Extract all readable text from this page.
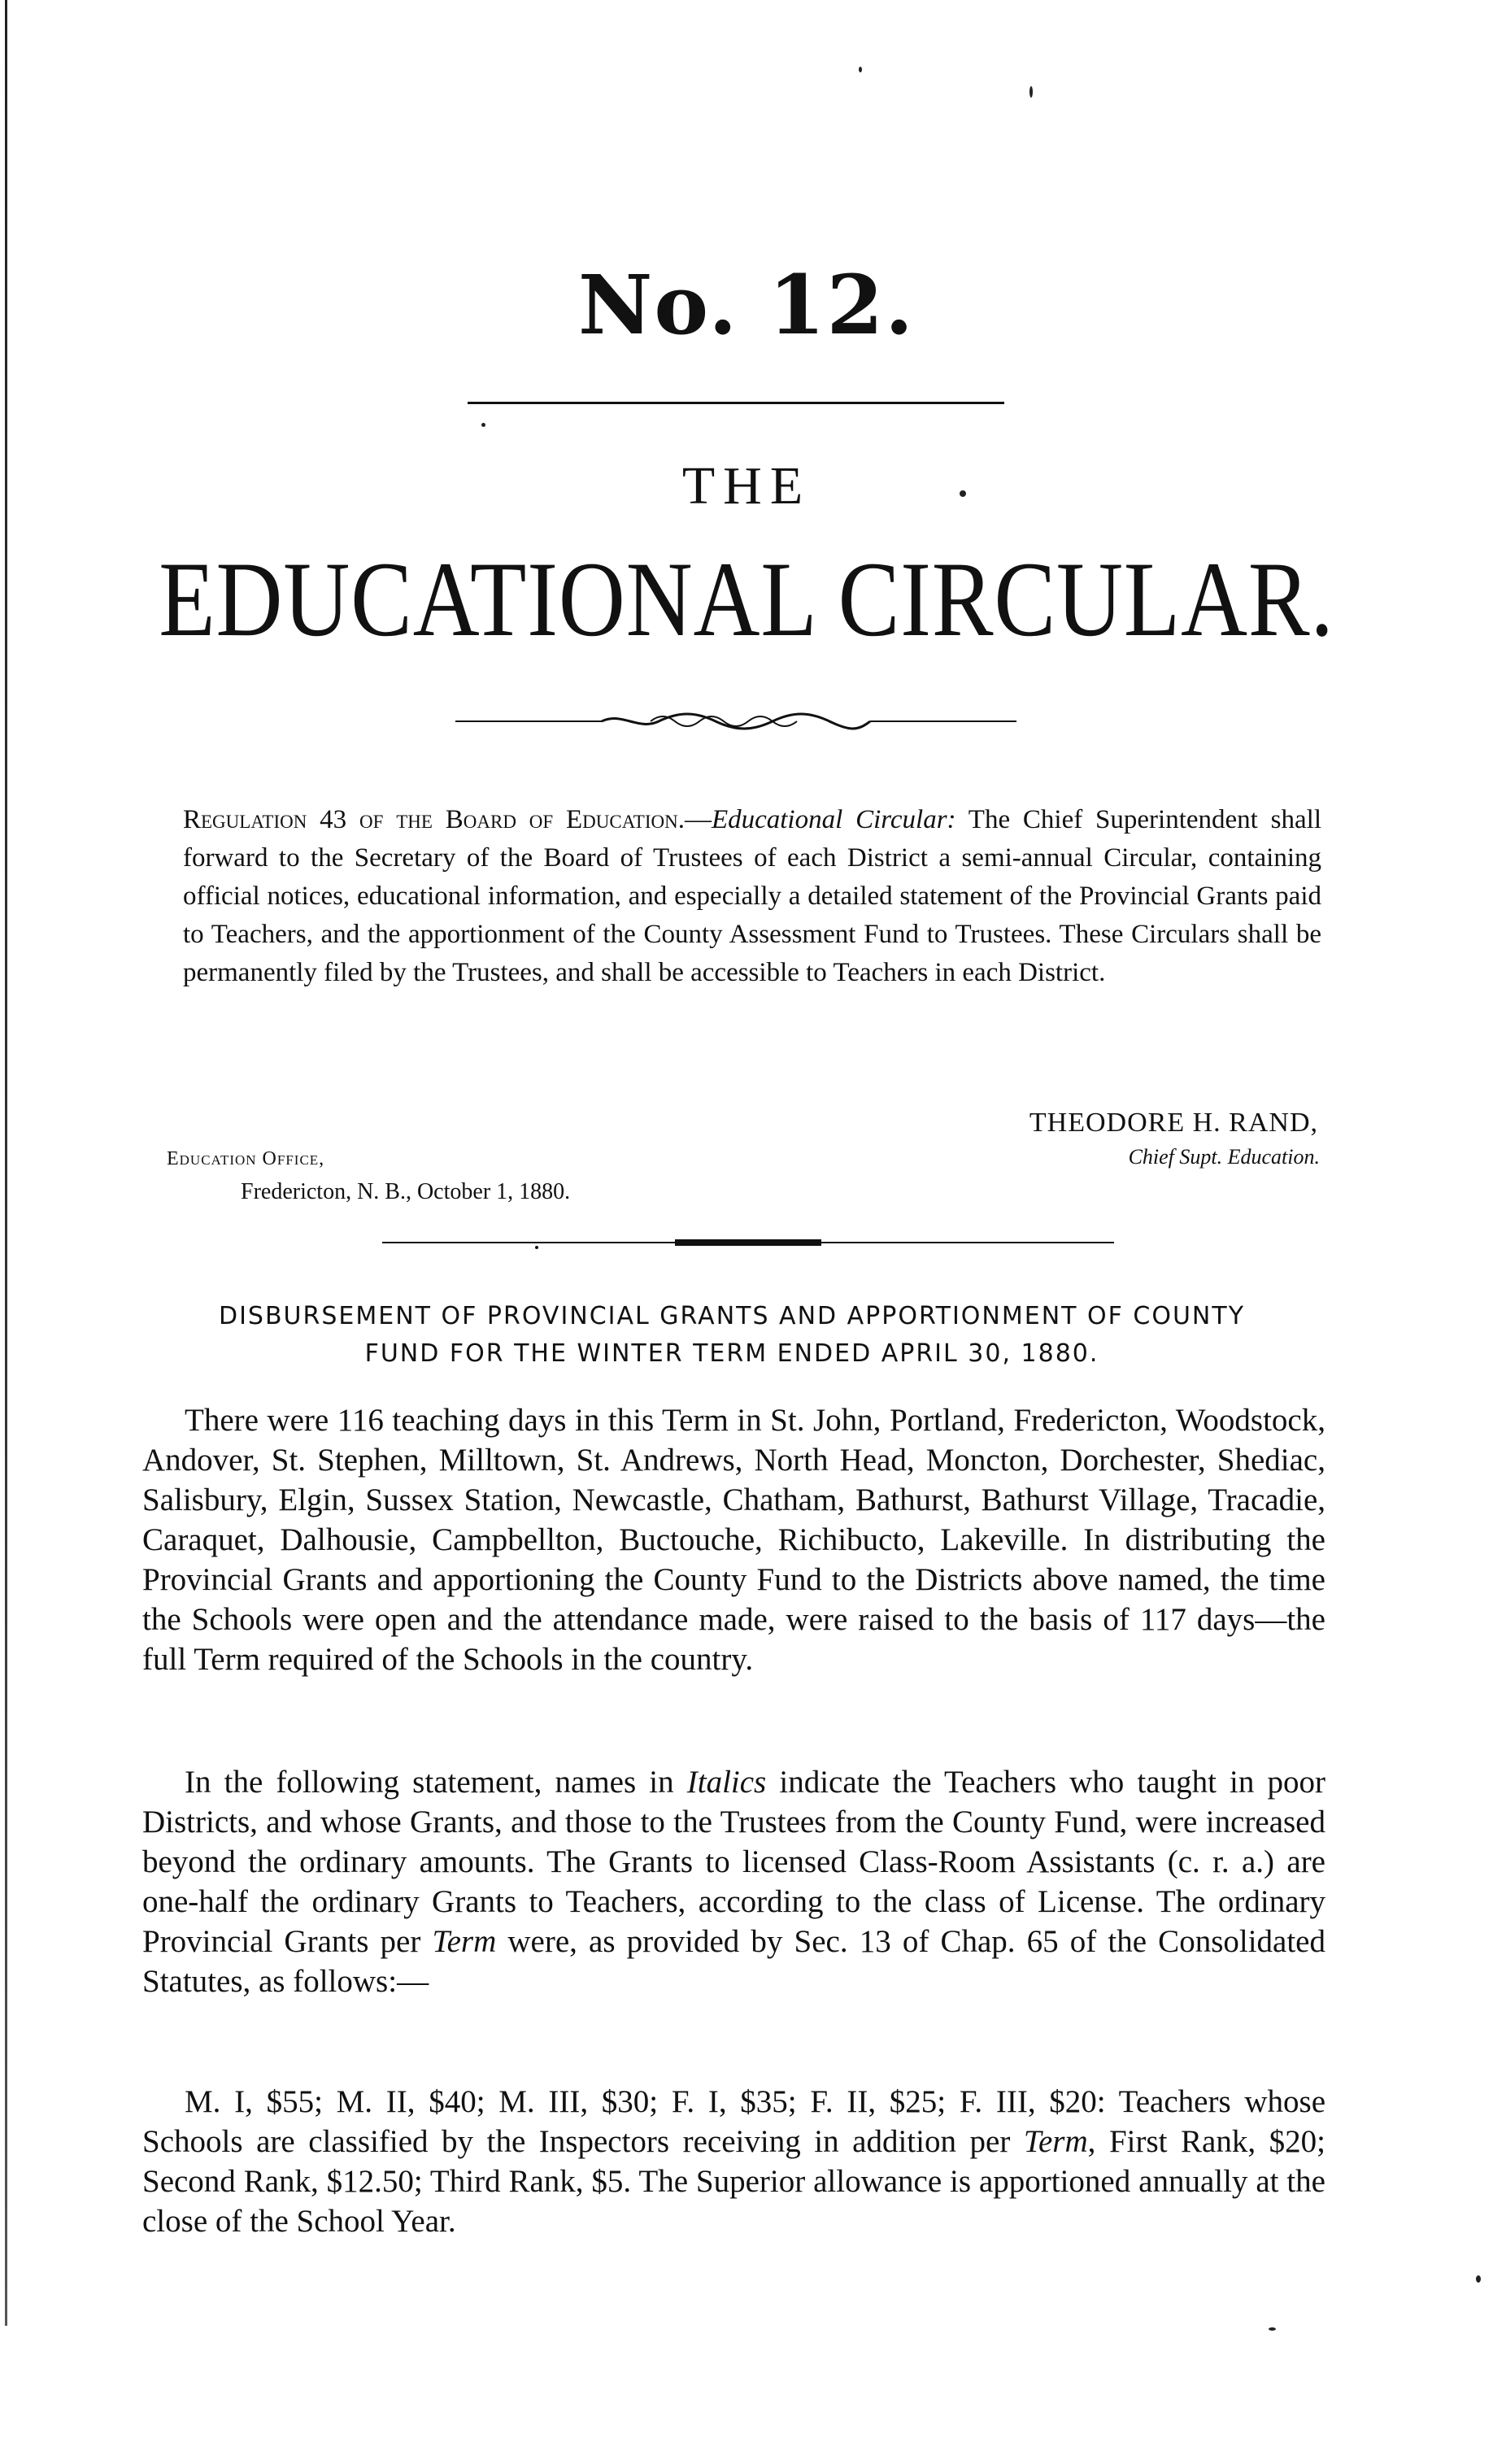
No. 12.
THE
EDUCATIONAL CIRCULAR.
Regulation 43 of the Board of Education.—Educational Circular: The Chief Superintendent shall forward to the Secretary of the Board of Trustees of each District a semi-annual Circular, containing official notices, educational information, and especially a detailed statement of the Provincial Grants paid to Teachers, and the apportionment of the County Assessment Fund to Trustees. These Circulars shall be permanently filed by the Trustees, and shall be accessible to Teachers in each District.
THEODORE H. RAND,
Chief Supt. Education.
Education Office,
Fredericton, N. B., October 1, 1880.
DISBURSEMENT OF PROVINCIAL GRANTS AND APPORTIONMENT OF COUNTY
FUND FOR THE WINTER TERM ENDED APRIL 30, 1880.
There were 116 teaching days in this Term in St. John, Portland, Fredericton, Woodstock, Andover, St. Stephen, Milltown, St. Andrews, North Head, Moncton, Dorchester, Shediac, Salisbury, Elgin, Sussex Station, Newcastle, Chatham, Bathurst, Bathurst Village, Tracadie, Caraquet, Dalhousie, Campbellton, Buctouche, Richibucto, Lakeville. In distributing the Provincial Grants and apportioning the County Fund to the Districts above named, the time the Schools were open and the attendance made, were raised to the basis of 117 days—the full Term required of the Schools in the country.
In the following statement, names in Italics indicate the Teachers who taught in poor Districts, and whose Grants, and those to the Trustees from the County Fund, were increased beyond the ordinary amounts. The Grants to licensed Class-Room Assistants (c. r. a.) are one-half the ordinary Grants to Teachers, according to the class of License. The ordinary Provincial Grants per Term were, as provided by Sec. 13 of Chap. 65 of the Consolidated Statutes, as follows:—
M. I, $55; M. II, $40; M. III, $30; F. I, $35; F. II, $25; F. III, $20: Teachers whose Schools are classified by the Inspectors receiving in addition per Term, First Rank, $20; Second Rank, $12.50; Third Rank, $5. The Superior allowance is apportioned annually at the close of the School Year.
